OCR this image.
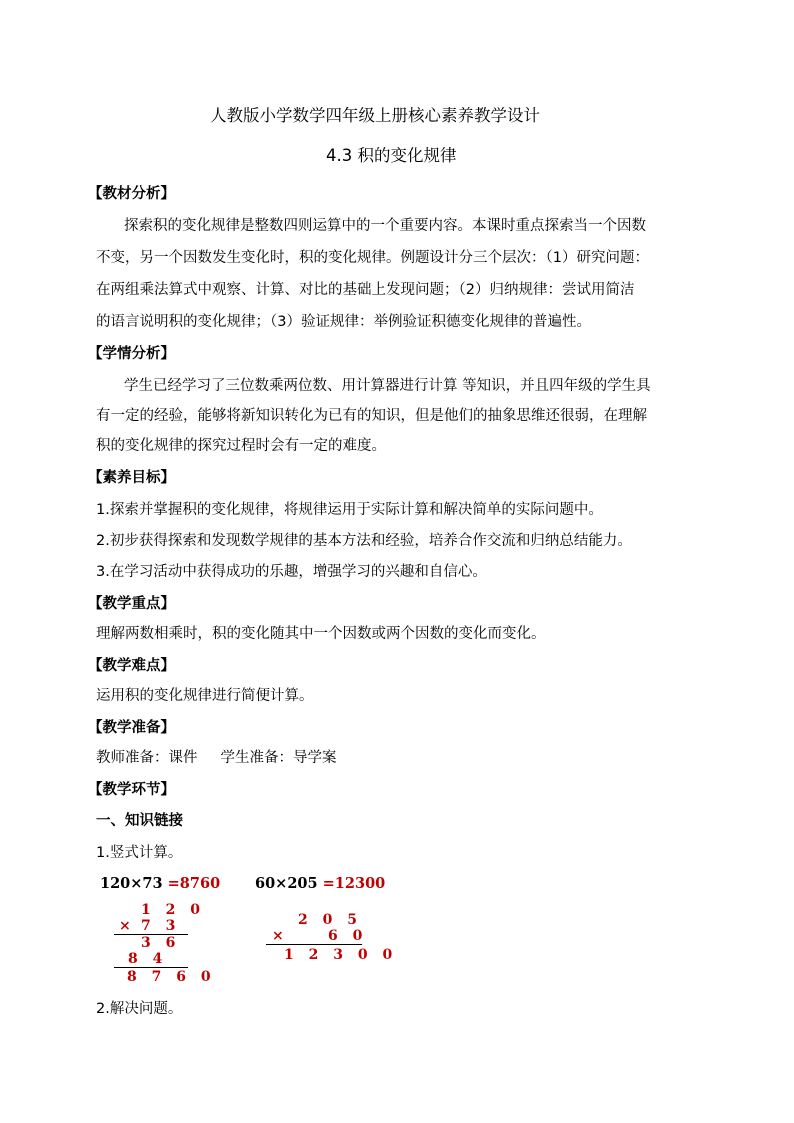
人教版小学数学四年级上册核心素养教学设计
4.3 积的变化规律
【教材分析】
探索积的变化规律是整数四则运算中的一个重要内容。本课时重点探索当一个因数
不变，另一个因数发生变化时，积的变化规律。例题设计分三个层次：（1）研究问题：
在两组乘法算式中观察、计算、对比的基础上发现问题；（2）归纳规律：尝试用简洁
的语言说明积的变化规律；（3）验证规律：举例验证积德变化规律的普遍性。
【学情分析】
学生已经学习了三位数乘两位数、用计算器进行计算 等知识，并且四年级的学生具
有一定的经验，能够将新知识转化为已有的知识，但是他们的抽象思维还很弱，在理解
积的变化规律的探究过程时会有一定的难度。
【素养目标】
1.探索并掌握积的变化规律，将规律运用于实际计算和解决简单的实际问题中。
2.初步获得探索和发现数学规律的基本方法和经验，培养合作交流和归纳总结能力。
3.在学习活动中获得成功的乐趣，增强学习的兴趣和自信心。
【教学重点】
理解两数相乘时，积的变化随其中一个因数或两个因数的变化而变化。
【教学难点】
运用积的变化规律进行简便计算。
【教学准备】
教师准备：课件     学生准备：导学案
【教学环节】
一、知识链接
1.竖式计算。
120×73 =8760
1 2 0
× 7 3
3 6
8 4
8 7 6 0
60×205 =12300
2 0 5
×	6 0
1 2 3 0 0
2.解决问题。
